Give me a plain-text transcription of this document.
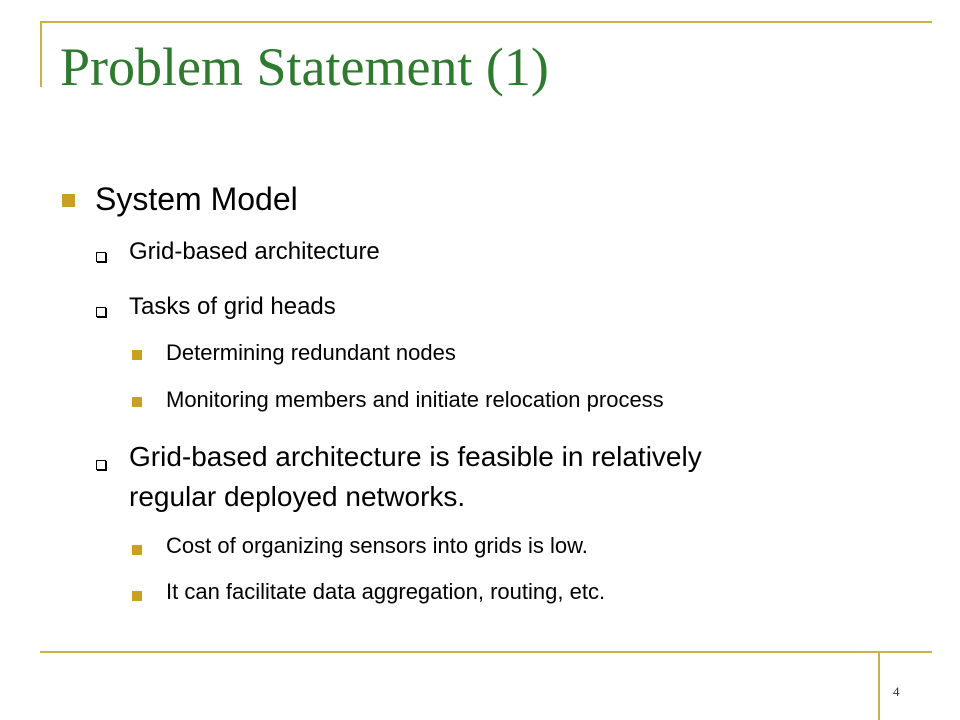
Problem Statement (1)
System Model
Grid-based architecture
Tasks of grid heads
Determining redundant nodes
Monitoring members and initiate relocation process
Grid-based architecture is feasible in relatively
regular deployed networks.
Cost of organizing sensors into grids is low.
It can facilitate data aggregation, routing, etc.
4
